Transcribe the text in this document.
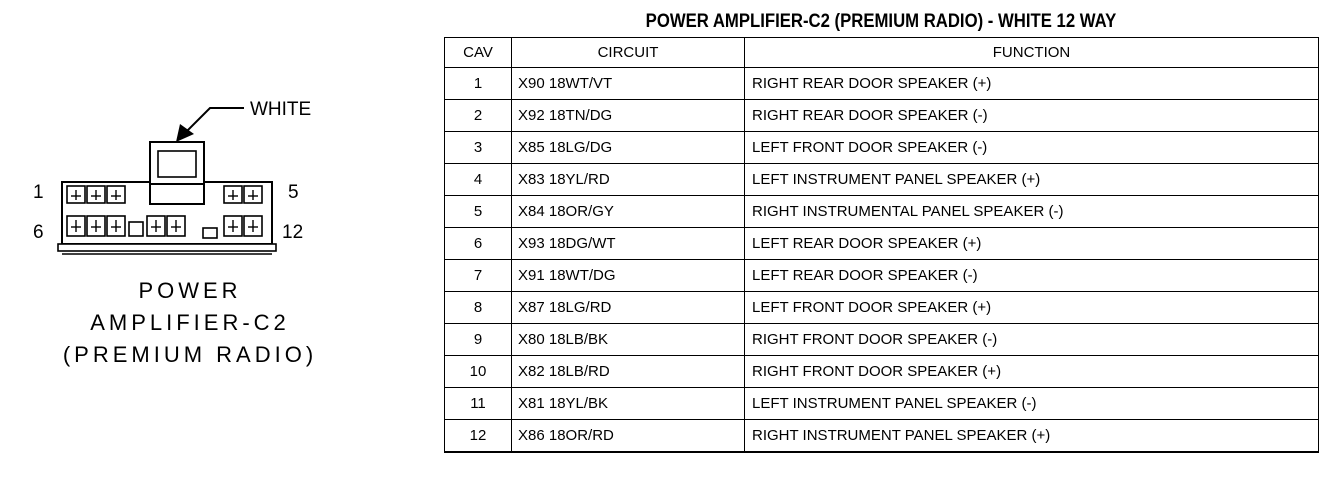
WHITE
1	5
6	12
POWER
AMPLIFIER-C2
(PREMIUM RADIO)
POWER AMPLIFIER-C2 (PREMIUM RADIO) - WHITE 12 WAY
CAV	CIRCUIT	FUNCTION
1	X90 18WT/VT	RIGHT REAR DOOR SPEAKER (+)
2	X92 18TN/DG	RIGHT REAR DOOR SPEAKER (-)
3	X85 18LG/DG	LEFT FRONT DOOR SPEAKER (-)
4	X83 18YL/RD	LEFT INSTRUMENT PANEL SPEAKER (+)
5	X84 18OR/GY	RIGHT INSTRUMENTAL PANEL SPEAKER (-)
6	X93 18DG/WT	LEFT REAR DOOR SPEAKER (+)
7	X91 18WT/DG	LEFT REAR DOOR SPEAKER (-)
8	X87 18LG/RD	LEFT FRONT DOOR SPEAKER (+)
9	X80 18LB/BK	RIGHT FRONT DOOR SPEAKER (-)
10	X82 18LB/RD	RIGHT FRONT DOOR SPEAKER (+)
11	X81 18YL/BK	LEFT INSTRUMENT PANEL SPEAKER (-)
12	X86 18OR/RD	RIGHT INSTRUMENT PANEL SPEAKER (+)
